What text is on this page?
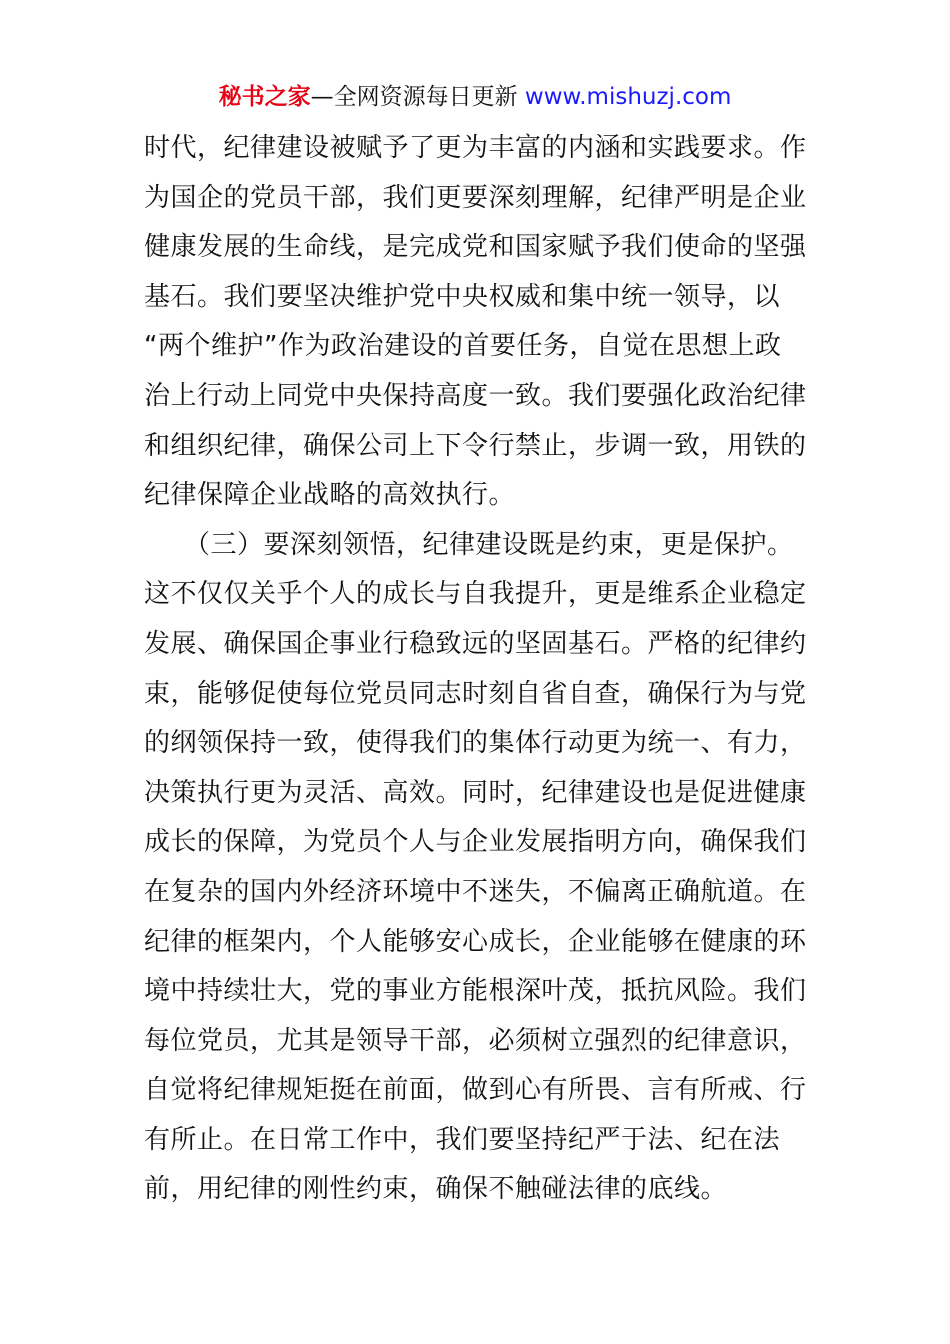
秘书之家—全网资源每日更新 www.mishuzj.com
时代，纪律建设被赋予了更为丰富的内涵和实践要求。作
为国企的党员干部，我们更要深刻理解，纪律严明是企业
健康发展的生命线，是完成党和国家赋予我们使命的坚强
基石。我们要坚决维护党中央权威和集中统一领导，以
“两个维护”作为政治建设的首要任务，自觉在思想上政
治上行动上同党中央保持高度一致。我们要强化政治纪律
和组织纪律，确保公司上下令行禁止，步调一致，用铁的
纪律保障企业战略的高效执行。
　　（三）要深刻领悟，纪律建设既是约束，更是保护。
这不仅仅关乎个人的成长与自我提升，更是维系企业稳定
发展、确保国企事业行稳致远的坚固基石。严格的纪律约
束，能够促使每位党员同志时刻自省自查，确保行为与党
的纲领保持一致，使得我们的集体行动更为统一、有力，
决策执行更为灵活、高效。同时，纪律建设也是促进健康
成长的保障，为党员个人与企业发展指明方向，确保我们
在复杂的国内外经济环境中不迷失，不偏离正确航道。在
纪律的框架内，个人能够安心成长，企业能够在健康的环
境中持续壮大，党的事业方能根深叶茂，抵抗风险。我们
每位党员，尤其是领导干部，必须树立强烈的纪律意识，
自觉将纪律规矩挺在前面，做到心有所畏、言有所戒、行
有所止。在日常工作中，我们要坚持纪严于法、纪在法
前，用纪律的刚性约束，确保不触碰法律的底线。
